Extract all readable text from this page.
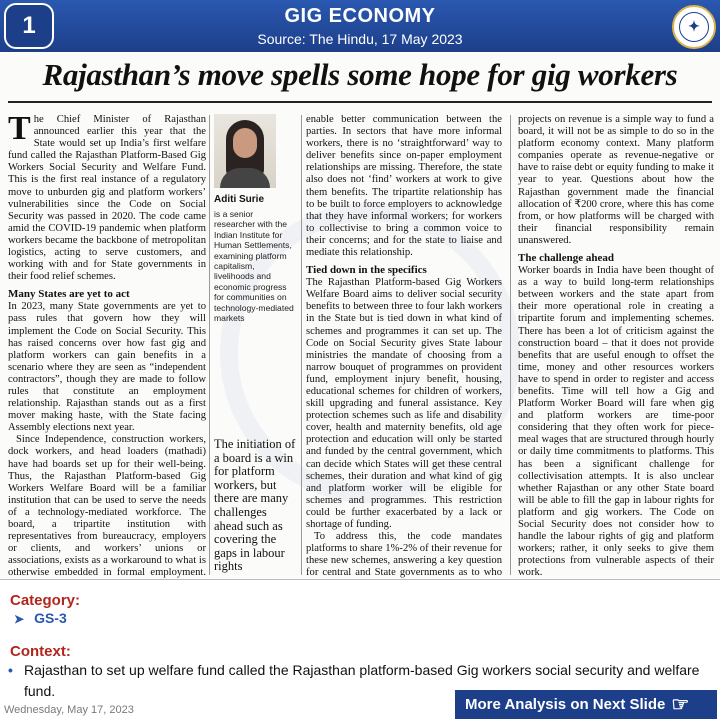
1	GIG ECONOMY
Source: The Hindu, 17 May 2023
✦
Rajasthan’s move spells some hope for gig workers

The Chief Minister of Rajasthan announced earlier this year that the State would set up India’s first welfare fund called the Rajasthan Platform-Based Gig Workers Social Security and Welfare Fund. This is the first real instance of a regulatory move to unburden gig and platform workers’ vulnerabilities since the Code on Social Security was passed in 2020. The code came amid the COVID-19 pandemic when platform workers became the backbone of metropolitan logistics, acting to serve customers, and working with and for State governments in their food relief schemes.

Many States are yet to act

In 2023, many State governments are yet to pass rules that govern how they will implement the Code on Social Security. This has raised concerns over how fast gig and platform workers can gain benefits in a scenario where they are seen as “independent contractors”, though they are made to follow rules that constitute an employment relationship. Rajasthan stands out as a first mover making haste, with the State facing Assembly elections next year.

Since Independence, construction workers, dock workers, and head loaders (mathadi) have had boards set up for their well-being. Thus, the Rajasthan Platform-based Gig Workers Welfare Board will be a familiar institution that can be used to serve the needs of a technology-mediated workforce. The board, a tripartite institution with representatives from bureaucracy, employers or clients, and workers’ unions or associations, exists as a workaround to what is otherwise embedded in formal employment.

Aditi Surie
is a senior researcher with the Indian Institute for Human Settlements, examining platform capitalism, livelihoods and economic progress for communities on technology-mediated markets
The initiation of a board is a win for platform workers, but there are many challenges ahead such as covering the gaps in labour rights

enable better communication between the parties. In sectors that have more informal workers, there is no ‘straightforward’ way to deliver benefits since on-paper employment relationships are missing. Therefore, the state also does not ‘find’ workers at work to give them benefits. The tripartite relationship has to be built to force employers to acknowledge that they have informal workers; for workers to collectivise to bring a common voice to their concerns; and for the state to liaise and mediate this relationship.

Tied down in the specifics

The Rajasthan Platform-based Gig Workers Welfare Board aims to deliver social security benefits to between three to four lakh workers in the State but is tied down in what kind of schemes and programmes it can set up. The Code on Social Security gives State labour ministries the mandate of choosing from a narrow bouquet of programmes on provident fund, employment injury benefit, housing, educational schemes for children of workers, skill upgrading and funeral assistance. Key protection schemes such as life and disability cover, health and maternity benefits, old age protection and education will only be started and funded by the central government, which can decide which States will get these central schemes, their duration and what kind of gig and platform worker will be eligible for schemes and programmes. This restriction could be further exacerbated by a lack or shortage of funding.

To address this, the code mandates platforms to share 1%-2% of their revenue for these new schemes, answering a key question for central and State governments as to who

projects on revenue is a simple way to fund a board, it will not be as simple to do so in the platform economy context. Many platform companies operate as revenue-negative or have to raise debt or equity funding to make it year to year. Questions about how the Rajasthan government made the financial allocation of ₹200 crore, where this has come from, or how platforms will be charged with their financial responsibility remain unanswered.

The challenge ahead

Worker boards in India have been thought of as a way to build long-term relationships between workers and the state apart from their more operational role in creating a tripartite forum and implementing schemes. There has been a lot of criticism against the construction board – that it does not provide benefits that are useful enough to offset the time, money and other resources workers have to spend in order to register and access benefits. Time will tell how a Gig and Platform Worker Board will fare when gig and platform workers are time-poor considering that they often work for piece-meal wages that are structured through hourly or daily time commitments to platforms. This has been a significant challenge for collectivisation attempts. It is also unclear whether Rajasthan or any other State board will be able to fill the gap in labour rights for platform and gig workers. The Code on Social Security does not consider how to handle the labour rights of gig and platform workers; rather, it only seeks to give them protections from vulnerable aspects of their work.

Category:
➤ GS-3
Context:
• Rajasthan to set up welfare fund called the Rajasthan platform-based Gig workers social security and welfare fund.
Wednesday, May 17, 2023	More Analysis on Next Slide ☞
